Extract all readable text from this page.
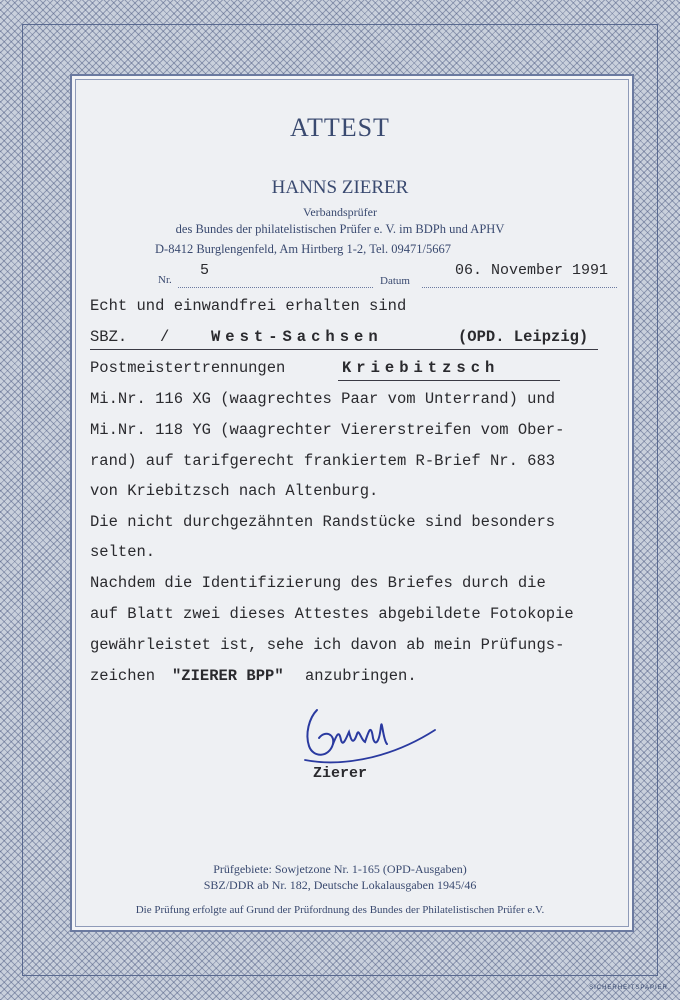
ATTEST
HANNS ZIERER
Verbandsprüfer
des Bundes der philatelistischen Prüfer e. V. im BDPh und APHV
D-8412 Burglengenfeld, Am Hirtberg 1-2, Tel. 09471/5667
Nr.
5
Datum
06. November 1991
Echt und einwandfrei erhalten sind
SBZ. /	West-Sachsen	(OPD. Leipzig)
Postmeistertrennungen	Kriebitzsch
Mi.Nr. 116 XG (waagrechtes Paar vom Unterrand) und
Mi.Nr. 118 YG (waagrechter Viererstreifen vom Ober-
rand) auf tarifgerecht frankiertem R-Brief Nr. 683
von Kriebitzsch nach Altenburg.
Die nicht durchgezähnten Randstücke sind besonders
selten.
Nachdem die Identifizierung des Briefes durch die
auf Blatt zwei dieses Attestes abgebildete Fotokopie
gewährleistet ist, sehe ich davon ab mein Prüfungs-
zeichen "ZIERER BPP" anzubringen.
Zierer
Prüfgebiete: Sowjetzone Nr. 1-165 (OPD-Ausgaben)
SBZ/DDR ab Nr. 182, Deutsche Lokalausgaben 1945/46
Die Prüfung erfolgte auf Grund der Prüfordnung des Bundes der Philatelistischen Prüfer e.V.
SICHERHEITSPAPIER
